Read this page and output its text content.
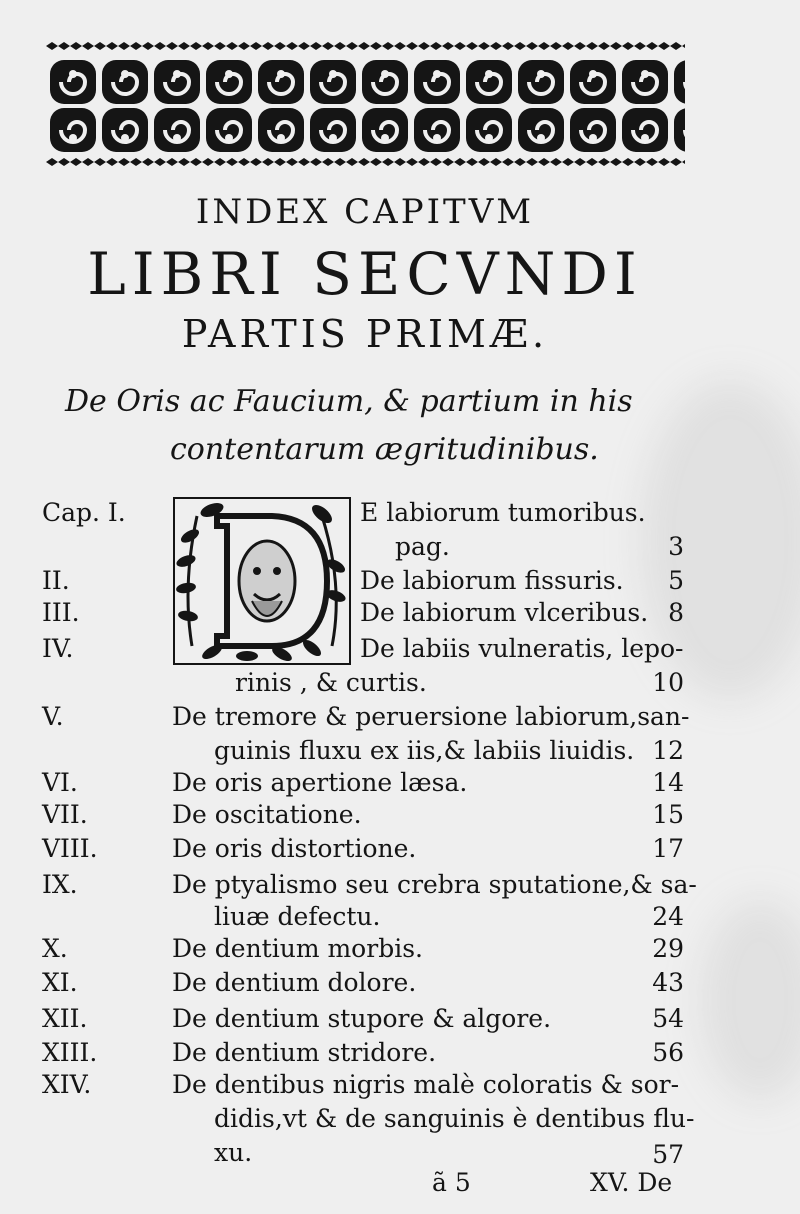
INDEX CAPITVM
LIBRI SECVNDI
PARTIS PRIMÆ.
De Oris ac Faucium, & partium in his
contentarum ægritudinibus.
Cap. I.	E labiorum tumoribus.
pag.	3
II.	De labiorum fissuris. 5
III.	De labiorum vlceribus. 8
IV.	De labiis vulneratis, lepo-
rinis , & curtis.	10
V.	De tremore & peruersione labiorum,san-
guinis fluxu ex iis,& labiis liuidis. 12
VI.	De oris apertione læsa.	14
VII.	De oscitatione.	15
VIII.	De oris distortione.	17
IX.	De ptyalismo seu crebra sputatione,& sa-
liuæ defectu.	24
X.	De dentium morbis.	29
XI.	De dentium dolore.	43
XII.	De dentium stupore & algore.	54
XIII.	De dentium stridore.	56
XIV.	De dentibus nigris malè coloratis & sor-
didis,vt & de sanguinis è dentibus flu-
xu.	57
ã 5	XV. De
